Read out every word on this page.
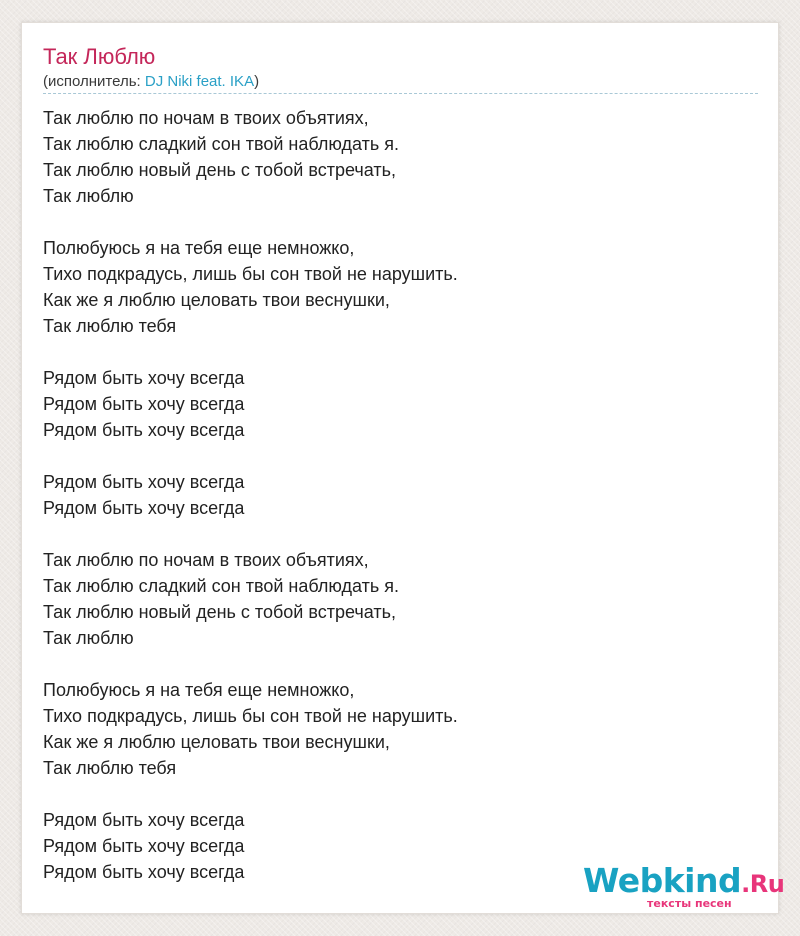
Так Люблю
(исполнитель: DJ Niki feat. IKA)
Так люблю по ночам в твоих объятиях,
Так люблю сладкий сон твой наблюдать я.
Так люблю новый день с тобой встречать,
Так люблю
Полюбуюсь я на тебя еще немножко,
Тихо подкрадусь, лишь бы сон твой не нарушить.
Как же я люблю целовать твои веснушки,
Так люблю тебя
Рядом быть хочу всегда
Рядом быть хочу всегда
Рядом быть хочу всегда
Рядом быть хочу всегда
Рядом быть хочу всегда
Так люблю по ночам в твоих объятиях,
Так люблю сладкий сон твой наблюдать я.
Так люблю новый день с тобой встречать,
Так люблю
Полюбуюсь я на тебя еще немножко,
Тихо подкрадусь, лишь бы сон твой не нарушить.
Как же я люблю целовать твои веснушки,
Так люблю тебя
Рядом быть хочу всегда
Рядом быть хочу всегда
Рядом быть хочу всегда	Webkind.Ru
тексты песен
